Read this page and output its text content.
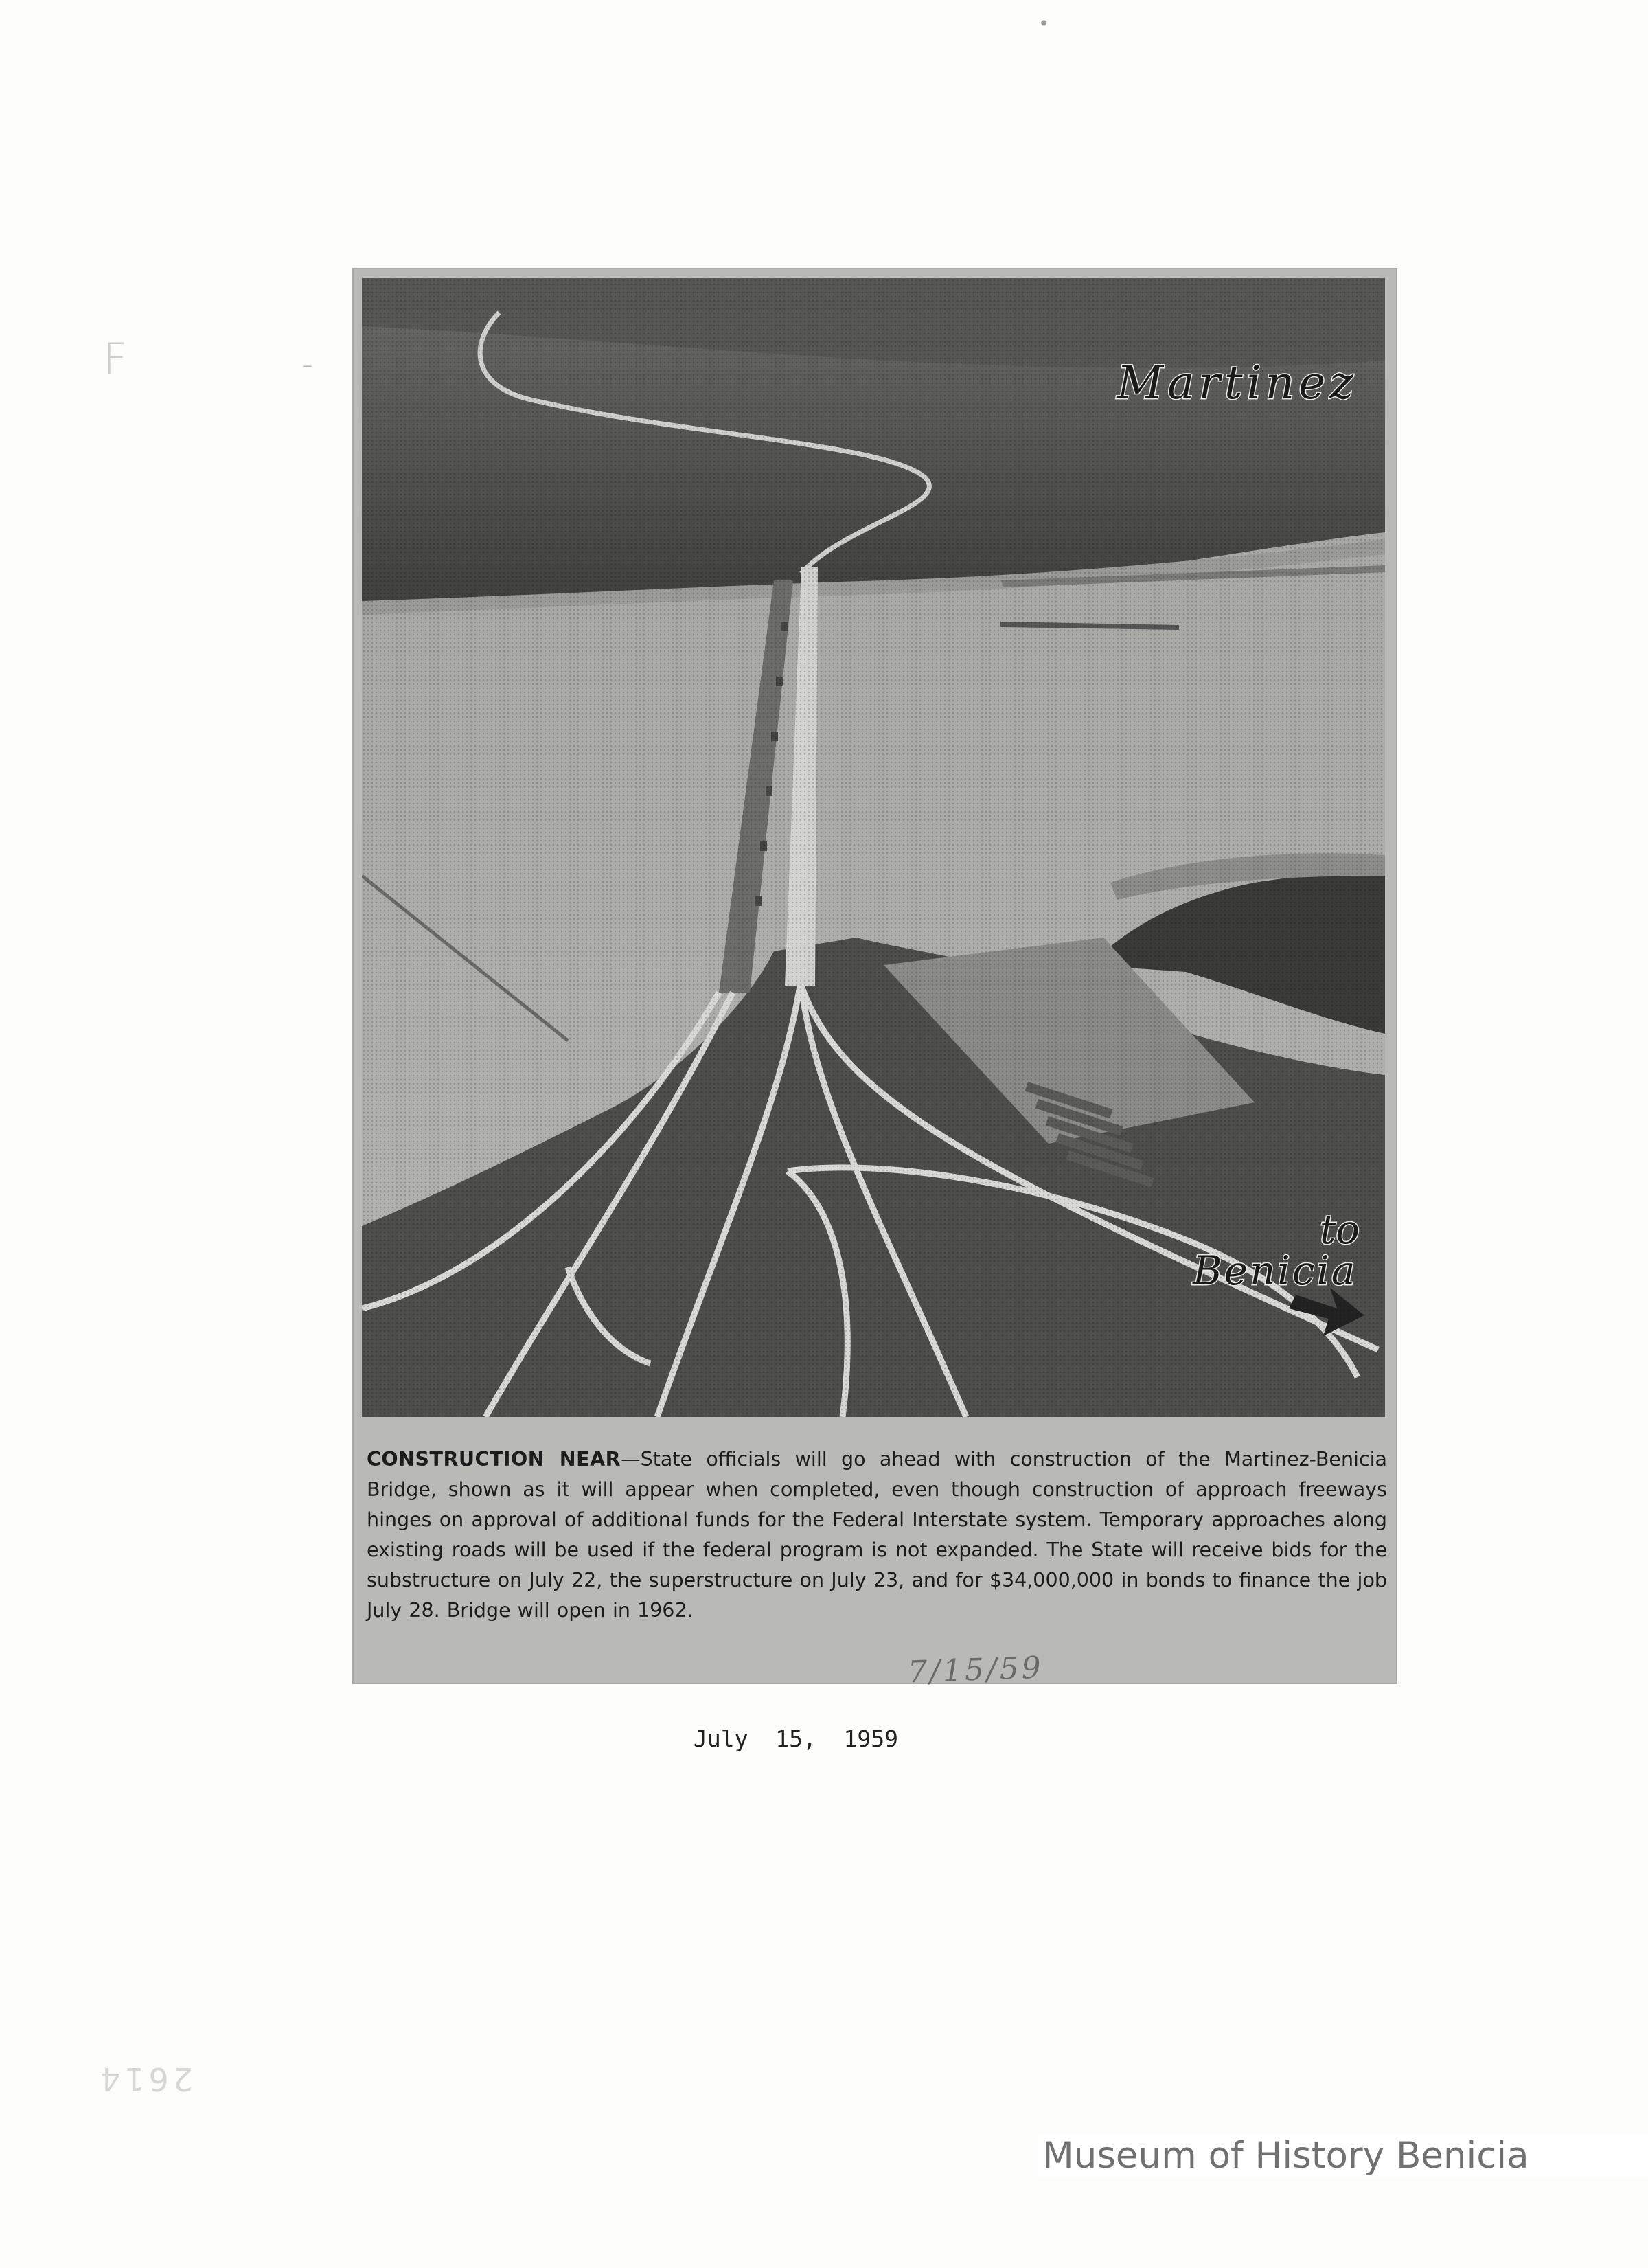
•
F	–	Martinez
to
Benicia
CONSTRUCTION NEAR—State officials will go ahead with construction of the Martinez-Benicia Bridge, shown as it will appear when completed, even though construction of approach freeways hinges on approval of additional funds for the Federal Interstate system. Temporary approaches along existing roads will be used if the federal program is not expanded. The State will receive bids for the substructure on July 22, the superstructure on July 23, and for $34,000,000 in bonds to finance the job July 28. Bridge will open in 1962.
7/15/59
July  15,  1959
2614
Museum of History Benicia
